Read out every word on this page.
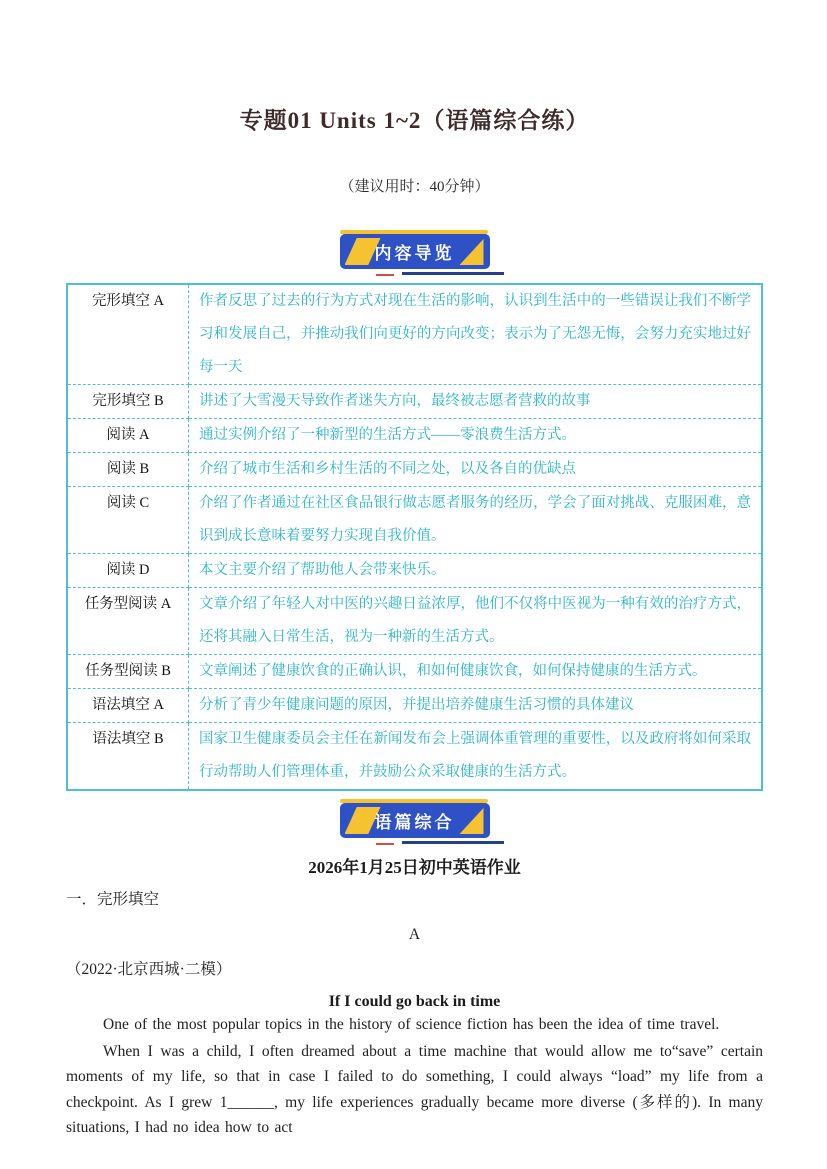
专题01 Units 1~2（语篇综合练）
（建议用时：40分钟）
内容导览
完形填空 A	作者反思了过去的行为方式对现在生活的影响，认识到生活中的一些错误让我们不断学习和发展自己，并推动我们向更好的方向改变；表示为了无怨无悔，会努力充实地过好每一天
完形填空 B	讲述了大雪漫天导致作者迷失方向，最终被志愿者营救的故事
阅读 A	通过实例介绍了一种新型的生活方式——零浪费生活方式。
阅读 B	介绍了城市生活和乡村生活的不同之处，以及各自的优缺点
阅读 C	介绍了作者通过在社区食品银行做志愿者服务的经历，学会了面对挑战、克服困难，意识到成长意味着要努力实现自我价值。
阅读 D	本文主要介绍了帮助他人会带来快乐。
任务型阅读 A	文章介绍了年轻人对中医的兴趣日益浓厚，他们不仅将中医视为一种有效的治疗方式，还将其融入日常生活，视为一种新的生活方式。
任务型阅读 B	文章阐述了健康饮食的正确认识，和如何健康饮食，如何保持健康的生活方式。
语法填空 A	分析了青少年健康问题的原因，并提出培养健康生活习惯的具体建议
语法填空 B	国家卫生健康委员会主任在新闻发布会上强调体重管理的重要性，以及政府将如何采取行动帮助人们管理体重，并鼓励公众采取健康的生活方式。
语篇综合
2026年1月25日初中英语作业
一．完形填空
A
（2022·北京西城·二模）
If I could go back in time

One of the most popular topics in the history of science fiction has been the idea of time travel.

When I was a child, I often dreamed about a time machine that would allow me to“save” certain moments of my life, so that in case I failed to do something, I could always “load” my life from a checkpoint. As I grew 1______, my life experiences gradually became more diverse (多样的). In many situations, I had no idea how to act
